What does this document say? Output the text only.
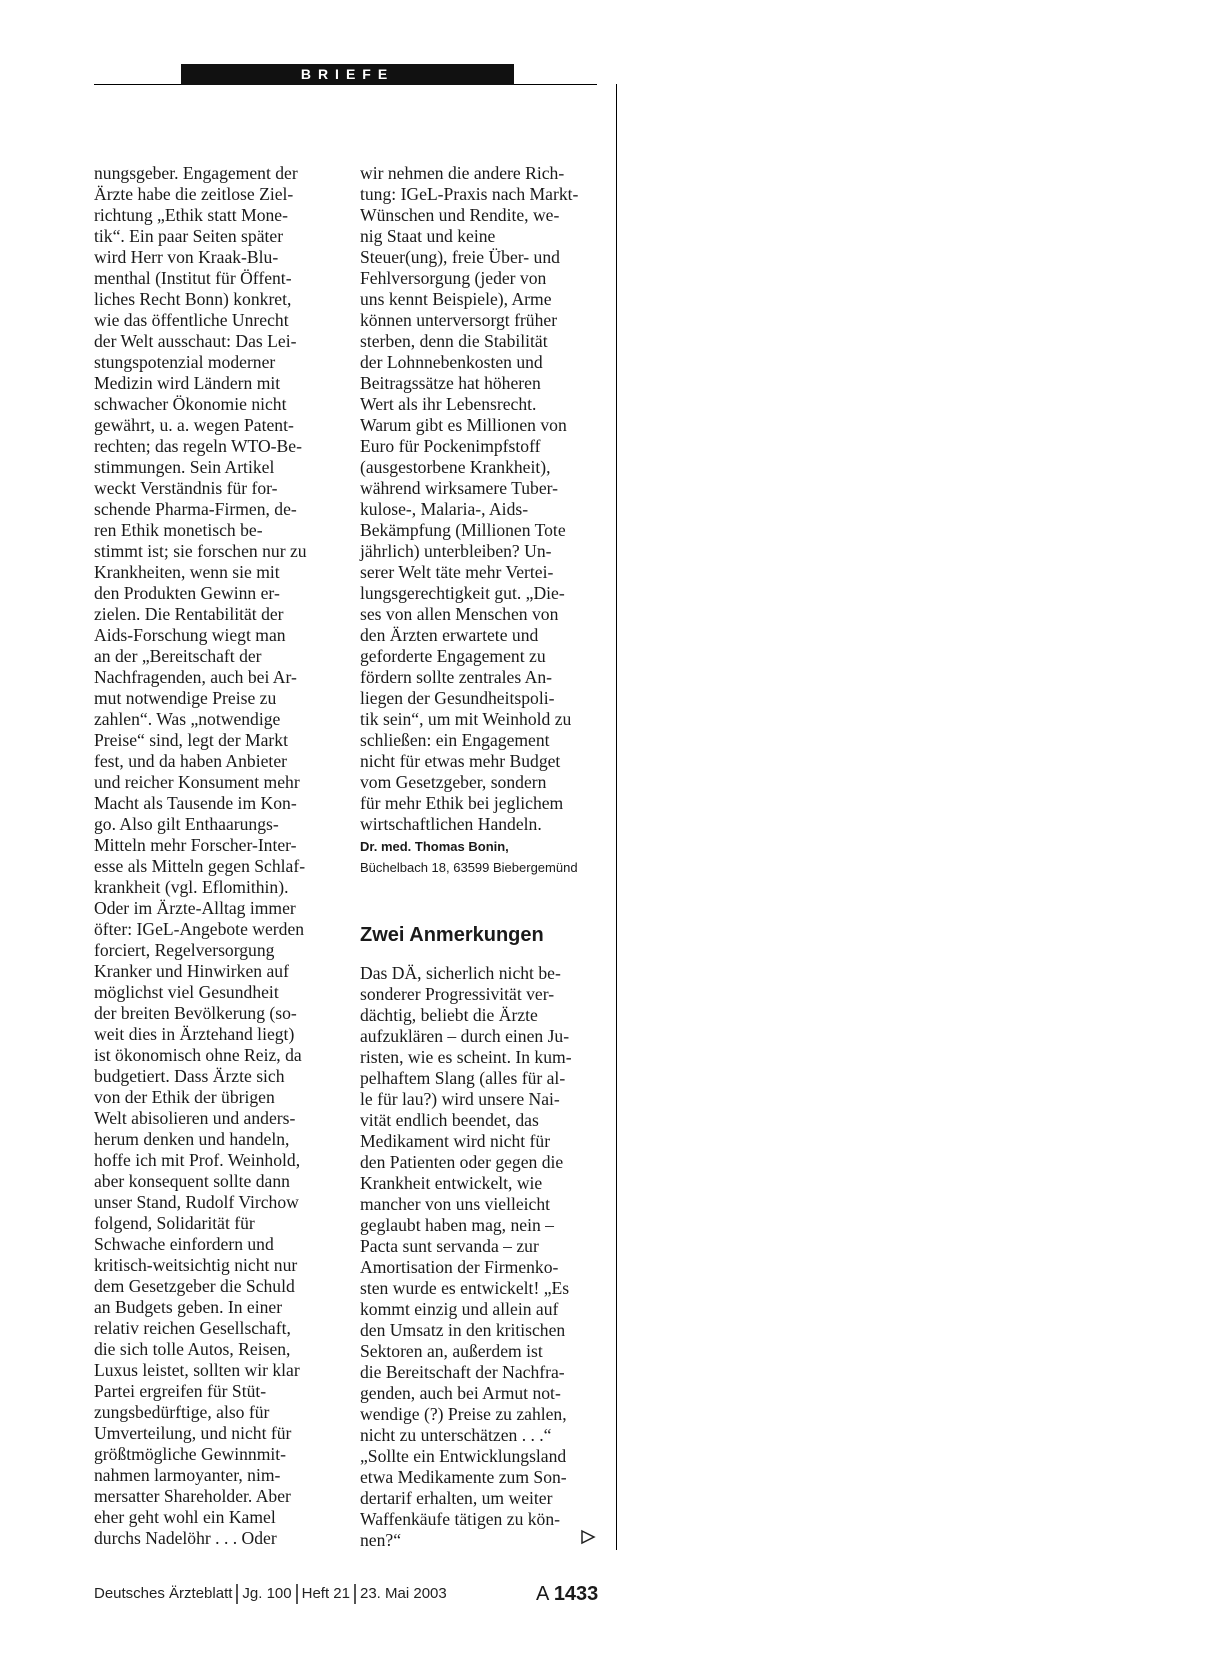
BRIEFE
nungsgeber. Engagement der
Ärzte habe die zeitlose Ziel-
richtung „Ethik statt Mone-
tik“. Ein paar Seiten später
wird Herr von Kraak-Blu-
menthal (Institut für Öffent-
liches Recht Bonn) konkret,
wie das öffentliche Unrecht
der Welt ausschaut: Das Lei-
stungspotenzial moderner
Medizin wird Ländern mit
schwacher Ökonomie nicht
gewährt, u. a. wegen Patent-
rechten; das regeln WTO-Be-
stimmungen. Sein Artikel
weckt Verständnis für for-
schende Pharma-Firmen, de-
ren Ethik monetisch be-
stimmt ist; sie forschen nur zu
Krankheiten, wenn sie mit
den Produkten Gewinn er-
zielen. Die Rentabilität der
Aids-Forschung wiegt man
an der „Bereitschaft der
Nachfragenden, auch bei Ar-
mut notwendige Preise zu
zahlen“. Was „notwendige
Preise“ sind, legt der Markt
fest, und da haben Anbieter
und reicher Konsument mehr
Macht als Tausende im Kon-
go. Also gilt Enthaarungs-
Mitteln mehr Forscher-Inter-
esse als Mitteln gegen Schlaf-
krankheit (vgl. Eflomithin).
Oder im Ärzte-Alltag immer
öfter: IGeL-Angebote werden
forciert, Regelversorgung
Kranker und Hinwirken auf
möglichst viel Gesundheit
der breiten Bevölkerung (so-
weit dies in Ärztehand liegt)
ist ökonomisch ohne Reiz, da
budgetiert. Dass Ärzte sich
von der Ethik der übrigen
Welt abisolieren und anders-
herum denken und handeln,
hoffe ich mit Prof. Weinhold,
aber konsequent sollte dann
unser Stand, Rudolf Virchow
folgend, Solidarität für
Schwache einfordern und
kritisch-weitsichtig nicht nur
dem Gesetzgeber die Schuld
an Budgets geben. In einer
relativ reichen Gesellschaft,
die sich tolle Autos, Reisen,
Luxus leistet, sollten wir klar
Partei ergreifen für Stüt-
zungsbedürftige, also für
Umverteilung, und nicht für
größtmögliche Gewinnmit-
nahmen larmoyanter, nim-
mersatter Shareholder. Aber
eher geht wohl ein Kamel
durchs Nadelöhr . . . Oder
wir nehmen die andere Rich-
tung: IGeL-Praxis nach Markt-
Wünschen und Rendite, we-
nig Staat und keine
Steuer(ung), freie Über- und
Fehlversorgung (jeder von
uns kennt Beispiele), Arme
können unterversorgt früher
sterben, denn die Stabilität
der Lohnnebenkosten und
Beitragssätze hat höheren
Wert als ihr Lebensrecht.
Warum gibt es Millionen von
Euro für Pockenimpfstoff
(ausgestorbene Krankheit),
während wirksamere Tuber-
kulose-, Malaria-, Aids-
Bekämpfung (Millionen Tote
jährlich) unterbleiben? Un-
serer Welt täte mehr Vertei-
lungsgerechtigkeit gut. „Die-
ses von allen Menschen von
den Ärzten erwartete und
geforderte Engagement zu
fördern sollte zentrales An-
liegen der Gesundheitspoli-
tik sein“, um mit Weinhold zu
schließen: ein Engagement
nicht für etwas mehr Budget
vom Gesetzgeber, sondern
für mehr Ethik bei jeglichem
wirtschaftlichen Handeln.
Dr. med. Thomas Bonin,
Büchelbach 18, 63599 Biebergemünd
Zwei Anmerkungen
Das DÄ, sicherlich nicht be-
sonderer Progressivität ver-
dächtig, beliebt die Ärzte
aufzuklären – durch einen Ju-
risten, wie es scheint. In kum-
pelhaftem Slang (alles für al-
le für lau?) wird unsere Nai-
vität endlich beendet, das
Medikament wird nicht für
den Patienten oder gegen die
Krankheit entwickelt, wie
mancher von uns vielleicht
geglaubt haben mag, nein –
Pacta sunt servanda – zur
Amortisation der Firmenko-
sten wurde es entwickelt! „Es
kommt einzig und allein auf
den Umsatz in den kritischen
Sektoren an, außerdem ist
die Bereitschaft der Nachfra-
genden, auch bei Armut not-
wendige (?) Preise zu zahlen,
nicht zu unterschätzen . . .“
„Sollte ein Entwicklungsland
etwa Medikamente zum Son-
dertarif erhalten, um weiter
Waffenkäufe tätigen zu kön-
nen?“
Deutsches Ärzteblatt Jg. 100 Heft 21 23. Mai 2003	A 1433
